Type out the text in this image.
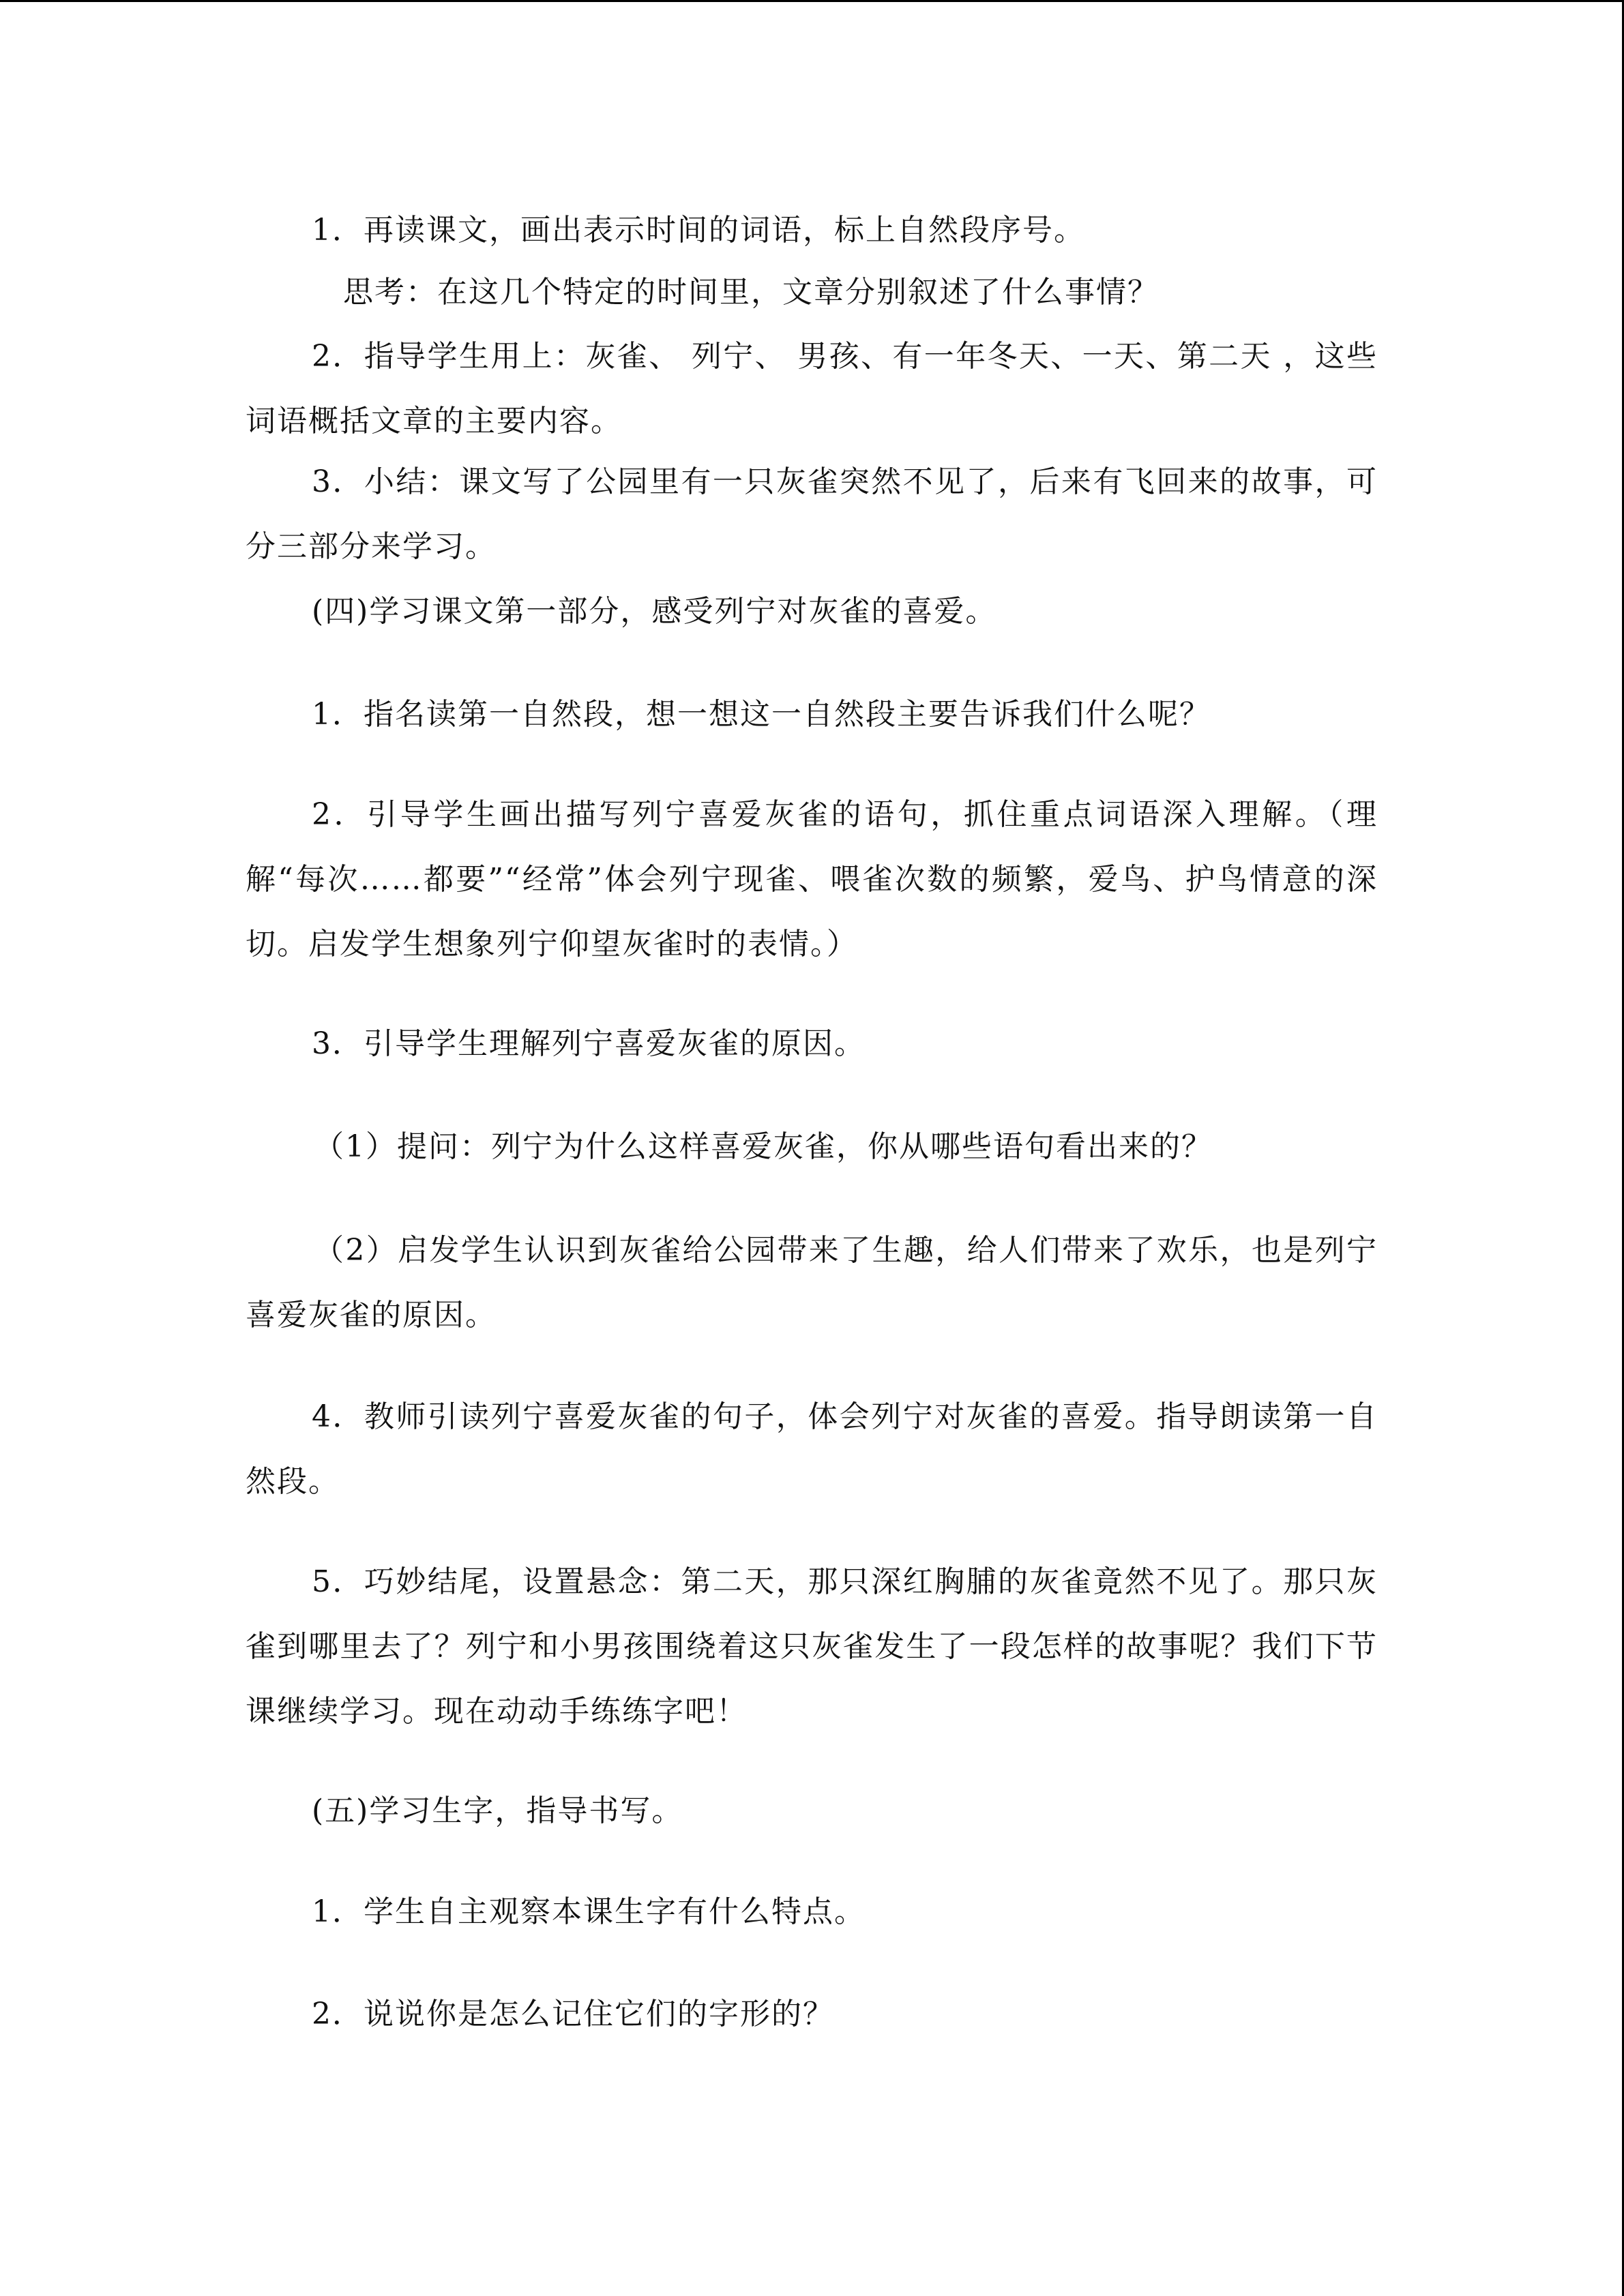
1．再读课文，画出表示时间的词语，标上自然段序号。

思考：在这几个特定的时间里，文章分别叙述了什么事情？

2．指导学生用上：灰雀、 列宁、 男孩、有一年冬天、一天、第二天 ，这些词语概括文章的主要内容。

3．小结：课文写了公园里有一只灰雀突然不见了，后来有飞回来的故事，可分三部分来学习。

(四)学习课文第一部分，感受列宁对灰雀的喜爱。

1．指名读第一自然段，想一想这一自然段主要告诉我们什么呢？

2．引导学生画出描写列宁喜爱灰雀的语句，抓住重点词语深入理解。（理解“每次……都要”“经常”体会列宁现雀、喂雀次数的频繁，爱鸟、护鸟情意的深切。启发学生想象列宁仰望灰雀时的表情。）

3．引导学生理解列宁喜爱灰雀的原因。

（1）提问：列宁为什么这样喜爱灰雀，你从哪些语句看出来的？

（2）启发学生认识到灰雀给公园带来了生趣，给人们带来了欢乐，也是列宁喜爱灰雀的原因。

4．教师引读列宁喜爱灰雀的句子，体会列宁对灰雀的喜爱。指导朗读第一自然段。

5．巧妙结尾，设置悬念：第二天，那只深红胸脯的灰雀竟然不见了。那只灰雀到哪里去了？列宁和小男孩围绕着这只灰雀发生了一段怎样的故事呢？我们下节课继续学习。现在动动手练练字吧！

(五)学习生字，指导书写。

1．学生自主观察本课生字有什么特点。

2．说说你是怎么记住它们的字形的？
